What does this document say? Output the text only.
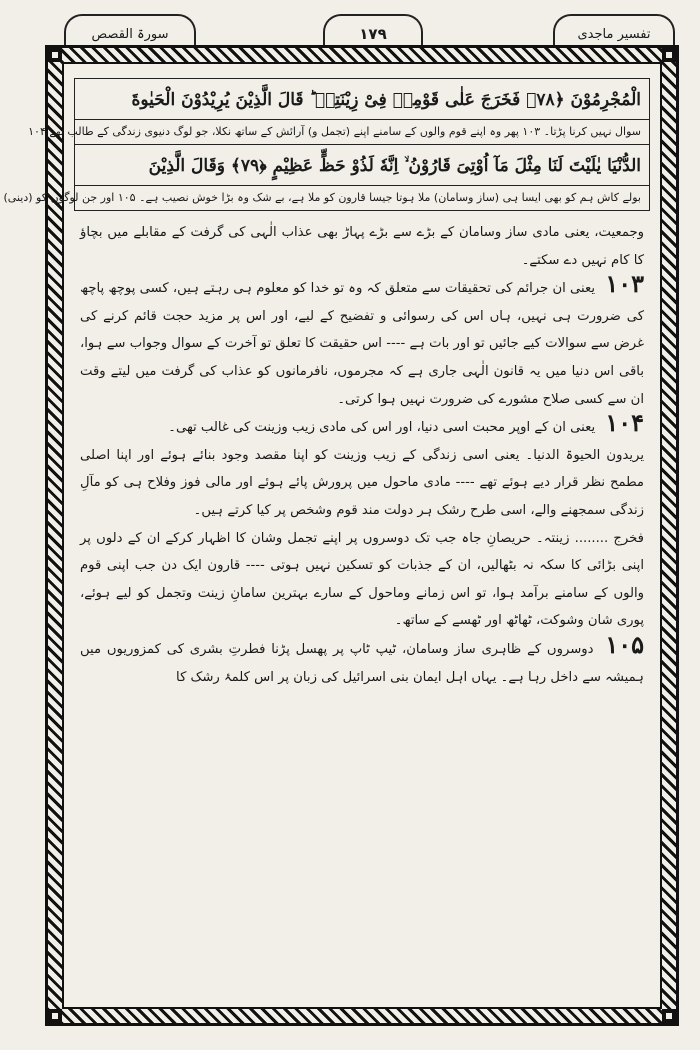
سورۃ القصص	۱۷۹	تفسیر ماجدی
الْمُجْرِمُوْنَ ﴿٧٨﴾ فَخَرَجَ عَلٰى قَوْمِهٖ فِىْ زِيْنَتِهٖ ؕ قَالَ الَّذِيْنَ يُرِيْدُوْنَ الْحَيٰوةَ
سوال نہیں کرنا پڑتا۔ ۱۰۳ پھر وہ اپنے قوم والوں کے سامنے اپنے (تجمل و) آرائش کے ساتھ نکلا، جو لوگ دنیوی زندگی کے طالب تھے ۱۰۴
الدُّنْيَا يٰلَيْتَ لَنَا مِثْلَ مَآ اُوْتِىَ قَارُوْنُ ۙ اِنَّهٗ لَذُوْ حَظٍّ عَظِيْمٍ ﴿٧٩﴾ وَقَالَ الَّذِيْنَ
بولے کاش ہم کو بھی ایسا ہی (ساز وسامان) ملا ہوتا جیسا قارون کو ملا ہے، بے شک وہ بڑا خوش نصیب ہے۔ ۱۰۵ اور جن لوگوں کو (دینی)

وجمعیت، یعنی مادی ساز وسامان کے بڑے سے بڑے پہاڑ بھی عذاب الٰہی کی گرفت کے مقابلے میں بچاؤ کا کام نہیں دے سکتے۔

۱۰۳ یعنی ان جرائم کی تحقیقات سے متعلق کہ وہ تو خدا کو معلوم ہی رہتے ہیں، کسی پوچھ پاچھ کی ضرورت ہی نہیں، ہاں اس کی رسوائی و تفضیح کے لیے، اور اس پر مزید حجت قائم کرنے کی غرض سے سوالات کیے جائیں تو اور بات ہے ---- اس حقیقت کا تعلق تو آخرت کے سوال وجواب سے ہوا، باقی اس دنیا میں یہ قانون الٰہی جاری ہے کہ مجرموں، نافرمانوں کو عذاب کی گرفت میں لیتے وقت ان سے کسی صلاح مشورے کی ضرورت نہیں ہوا کرتی۔

۱۰۴ یعنی ان کے اوپر محبت اسی دنیا، اور اس کی مادی زیب وزینت کی غالب تھی۔

یریدون الحیوۃ الدنیا۔ یعنی اسی زندگی کے زیب وزینت کو اپنا مقصد وجود بنائے ہوئے اور اپنا اصلی مطمح نظر قرار دیے ہوئے تھے ---- مادی ماحول میں پرورش پائے ہوئے اور مالی فوز وفلاح ہی کو مآلِ زندگی سمجھنے والے، اسی طرح رشک ہر دولت مند قوم وشخص پر کیا کرتے ہیں۔

فخرج ........ زینتہ۔ حریصانِ جاہ جب تک دوسروں پر اپنے تجمل وشان کا اظہار کرکے ان کے دلوں پر اپنی بڑائی کا سکہ نہ بٹھالیں، ان کے جذبات کو تسکین نہیں ہوتی ---- قارون ایک دن جب اپنی قوم والوں کے سامنے برآمد ہوا، تو اس زمانے وماحول کے سارے بہترین سامانِ زینت وتجمل کو لیے ہوئے، پوری شان وشوکت، ٹھاٹھ اور ٹھسے کے ساتھ۔

۱۰۵ دوسروں کے ظاہری ساز وسامان، ٹیپ ٹاپ پر پھسل پڑنا فطرتِ بشری کی کمزوریوں میں ہمیشہ سے داخل رہا ہے۔ یہاں اہل ایمان بنی اسرائیل کی زبان پر اس کلمۂ رشک کا
